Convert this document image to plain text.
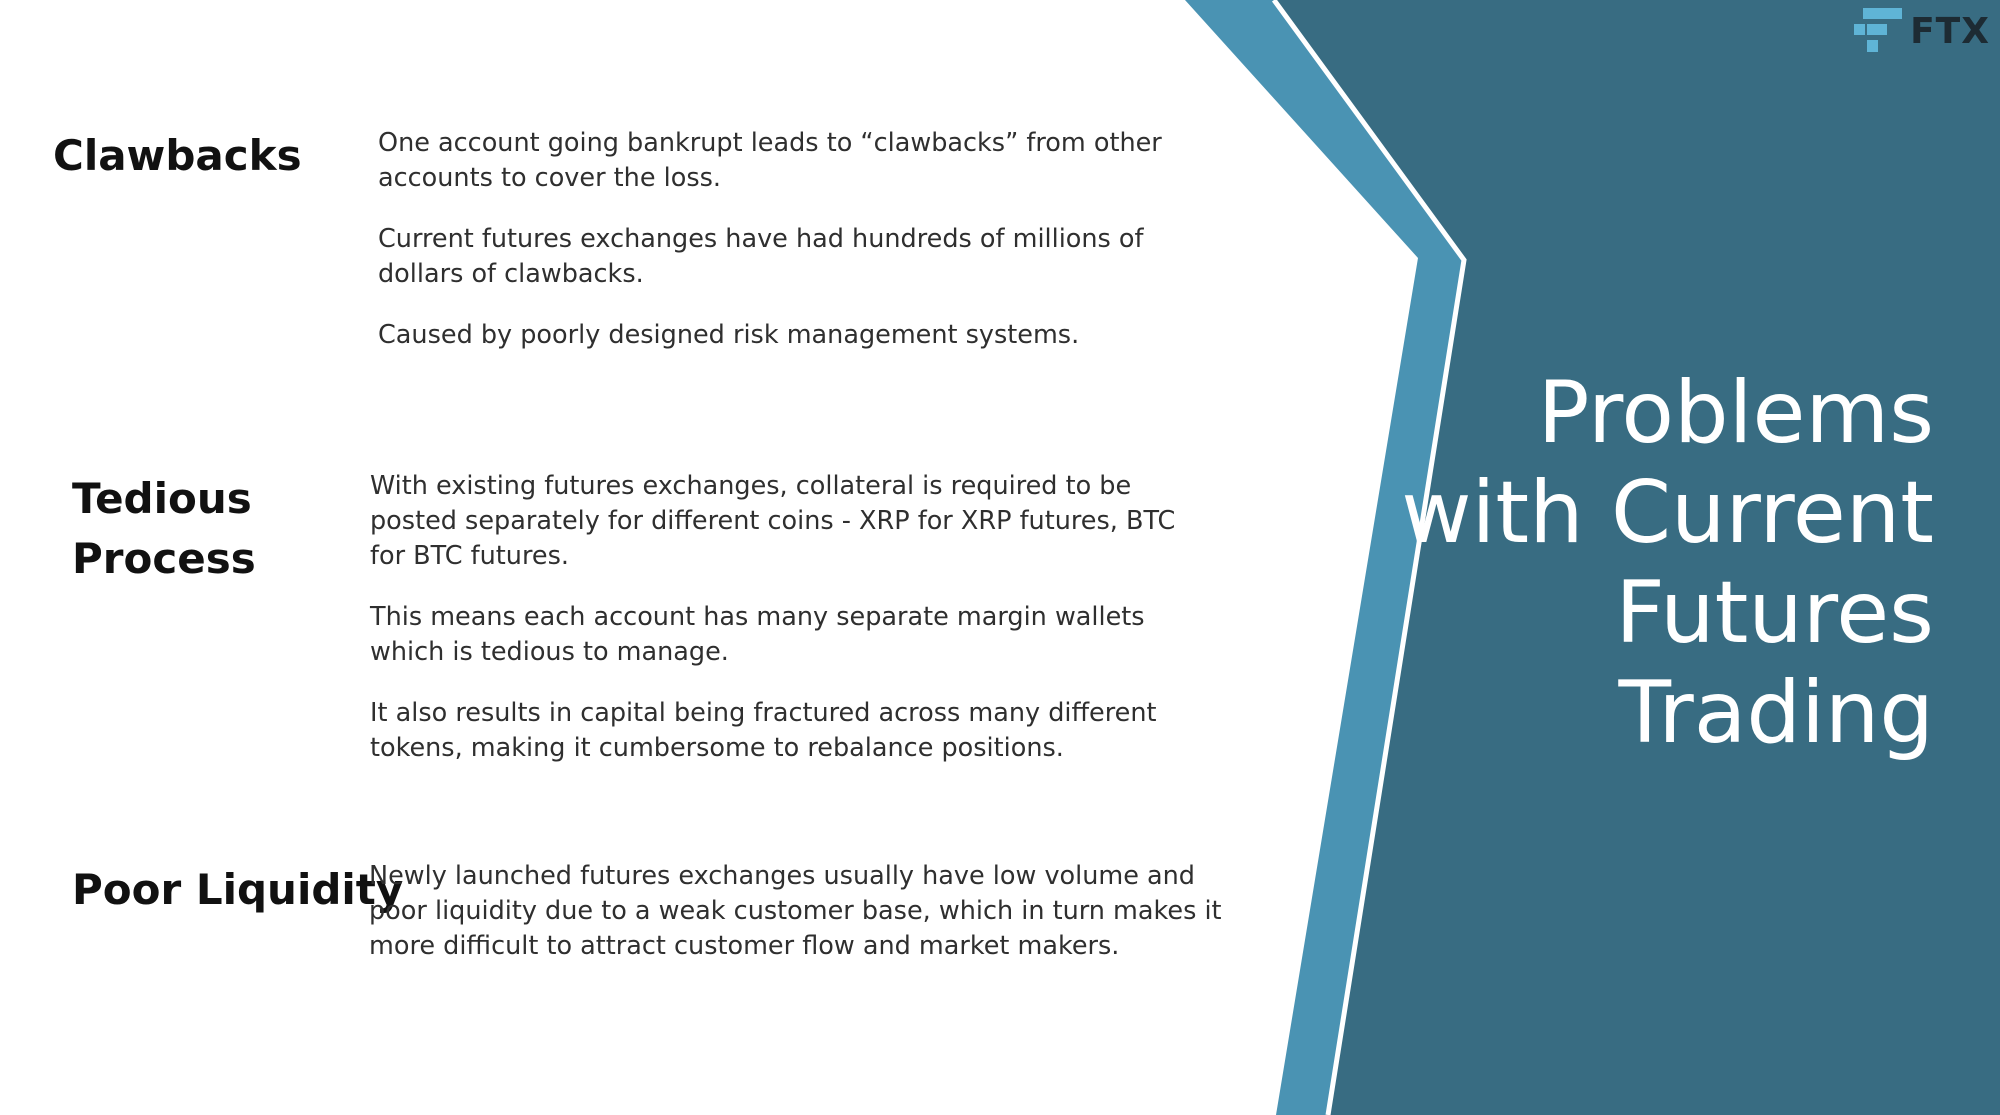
FTX
Problems
with Current
Futures
Trading
Clawbacks	One account going bankrupt leads to “clawbacks” from other accounts to cover the loss.

Current futures exchanges have had hundreds of millions of dollars of clawbacks.

Caused by poorly designed risk management systems.

Tedious
Process

With existing futures exchanges, collateral is required to be posted separately for different coins - XRP for XRP futures, BTC for BTC futures.

This means each account has many separate margin wallets which is tedious to manage.

It also results in capital being fractured across many different tokens, making it cumbersome to rebalance positions.

Poor Liquidity

Newly launched futures exchanges usually have low volume and poor liquidity due to a weak customer base, which in turn makes it more difficult to attract customer flow and market makers.
